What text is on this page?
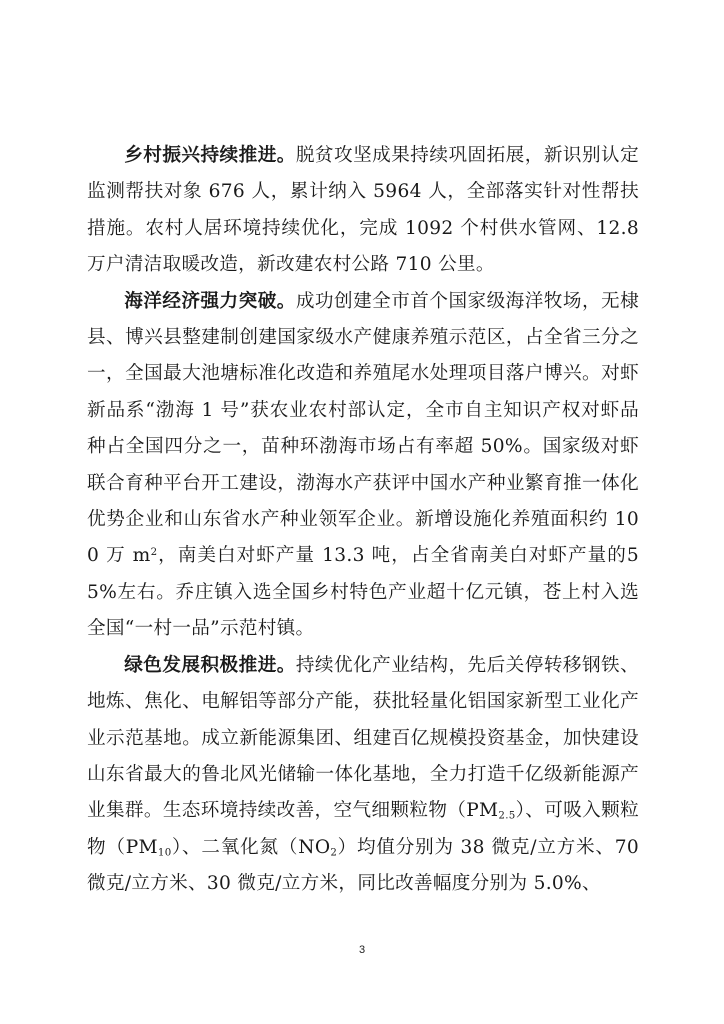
乡村振兴持续推进。脱贫攻坚成果持续巩固拓展，新识别认定监测帮扶对象 676 人，累计纳入 5964 人，全部落实针对性帮扶措施。农村人居环境持续优化，完成 1092 个村供水管网、12.8 万户清洁取暖改造，新改建农村公路 710 公里。

海洋经济强力突破。成功创建全市首个国家级海洋牧场，无棣县、博兴县整建制创建国家级水产健康养殖示范区，占全省三分之一，全国最大池塘标准化改造和养殖尾水处理项目落户博兴。对虾新品系“渤海 1 号”获农业农村部认定，全市自主知识产权对虾品种占全国四分之一，苗种环渤海市场占有率超 50%。国家级对虾联合育种平台开工建设，渤海水产获评中国水产种业繁育推一体化优势企业和山东省水产种业领军企业。新增设施化养殖面积约 100 万 $m^2$，南美白对虾产量 13.3 吨，占全省南美白对虾产量的55%左右。乔庄镇入选全国乡村特色产业超十亿元镇，苍上村入选全国“一村一品”示范村镇。

绿色发展积极推进。持续优化产业结构，先后关停转移钢铁、地炼、焦化、电解铝等部分产能，获批轻量化铝国家新型工业化产业示范基地。成立新能源集团、组建百亿规模投资基金，加快建设山东省最大的鲁北风光储输一体化基地，全力打造千亿级新能源产业集群。生态环境持续改善，空气细颗粒物$(PM_{2.5})$、可吸入颗粒物$(PM_{10})$、二氧化氮$(NO_2)$均值分别为 38 微克/立方米、70 微克/立方米、30 微克/立方米，同比改善幅度分别为 5.0%、

3
